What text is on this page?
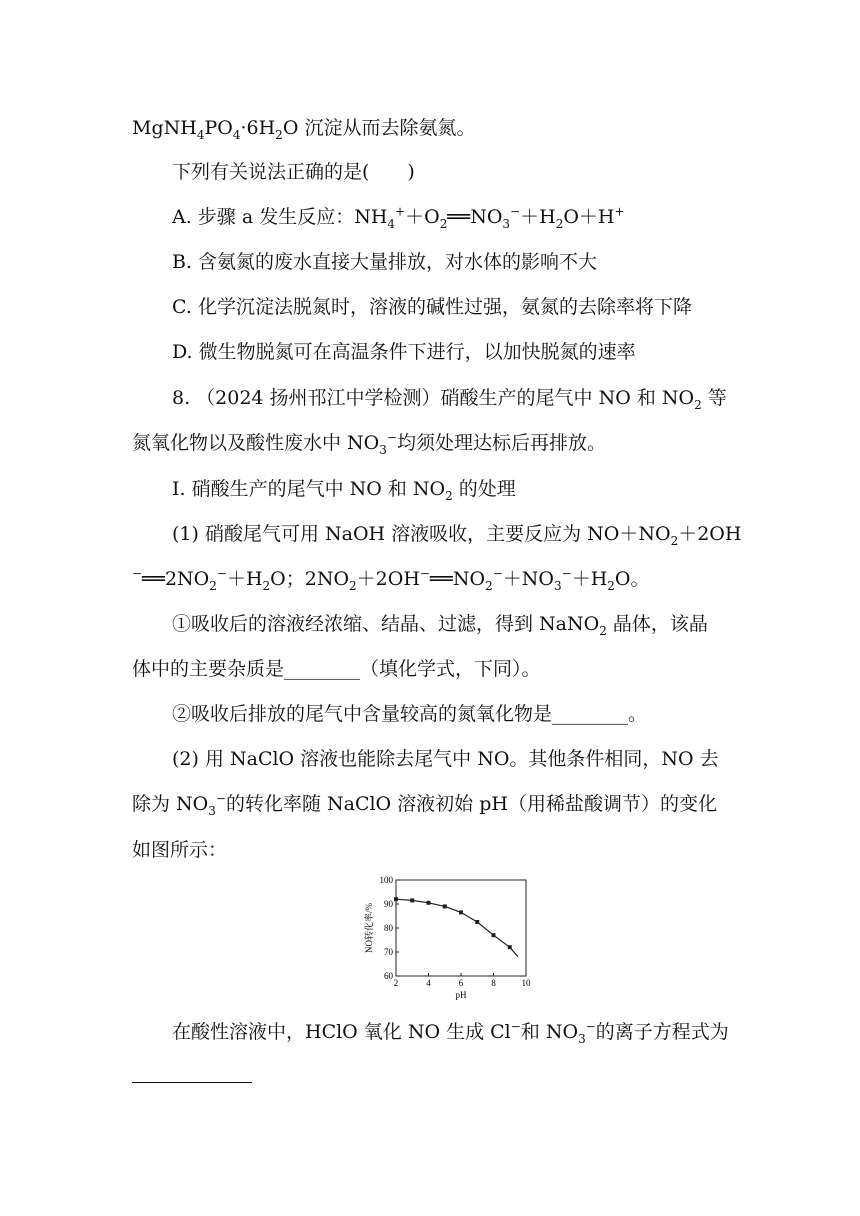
$MgNH_4PO_4\cdot 6H_2O$ 沉淀从而去除氨氮。
下列有关说法正确的是(　　)
A. 步骤 a 发生反应：$NH_4^++O_2══NO_3^-+H_2O+H^+$
B. 含氨氮的废水直接大量排放，对水体的影响不大
C. 化学沉淀法脱氮时，溶液的碱性过强，氨氮的去除率将下降
D. 微生物脱氮可在高温条件下进行，以加快脱氮的速率
8. （2024 扬州邗江中学检测）硝酸生产的尾气中 NO 和 $NO_2$ 等
氮氧化物以及酸性废水中 $NO_3^-$均须处理达标后再排放。
Ⅰ. 硝酸生产的尾气中 NO 和 $NO_2$ 的处理
(1) 硝酸尾气可用 NaOH 溶液吸收，主要反应为 $NO+NO_2+2OH$
$^-══2NO_2^-+H_2O$；$2NO_2+2OH^-══NO_2^-+NO_3^-+H_2O$。
①吸收后的溶液经浓缩、结晶、过滤，得到 NaNO$_2$ 晶体，该晶
体中的主要杂质是________（填化学式，下同）。
②吸收后排放的尾气中含量较高的氮氧化物是________。
(2) 用 NaClO 溶液也能除去尾气中 NO。其他条件相同，NO 去
除为 $NO_3^-$的转化率随 NaClO 溶液初始 pH（用稀盐酸调节）的变化
如图所示：
2	4	6	8	10
60
70
80
90
100
pH
NO转化率/%
在酸性溶液中，HClO 氧化 NO 生成 Cl−和 $NO_3^-$的离子方程式为
